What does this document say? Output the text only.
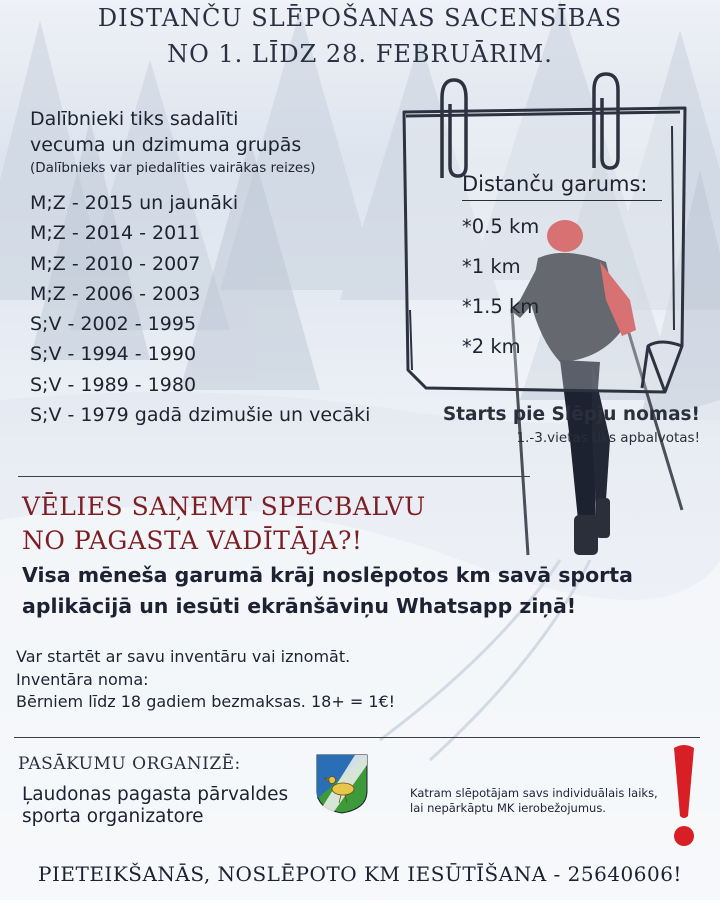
DISTANČU SLĒPOŠANAS SACENSĪBAS
NO 1. LĪDZ 28. FEBRUĀRIM.
Dalībnieki tiks sadalīti
vecuma un dzimuma grupās
(Dalībnieks var piedalīties vairākas reizes)
M;Z - 2015 un jaunāki
M;Z - 2014 - 2011
M;Z - 2010 - 2007
M;Z - 2006 - 2003
S;V - 2002 - 1995
S;V - 1994 - 1990
S;V - 1989 - 1980
S;V - 1979 gadā dzimušie un vecāki
Distanču garums:
*0.5 km
*1 km
*1.5 km
*2 km
Starts pie Slēpju nomas!
1.-3.vietas tiks apbalvotas!
VĒLIES SAŅEMT SPECBALVU
NO PAGASTA VADĪTĀJA?!
Visa mēneša garumā krāj noslēpotos km savā sporta
aplikācijā un iesūti ekrānšāviņu Whatsapp ziņā!
Var startēt ar savu inventāru vai iznomāt.
Inventāra noma:
Bērniem līdz 18 gadiem bezmaksas. 18+ = 1€!
PASĀKUMU ORGANIZĒ:
Ļaudonas pagasta pārvaldes
sporta organizatore
Katram slēpotājam savs individuālais laiks,
lai nepārkāptu MK ierobežojumus.
PIETEIKŠANĀS, NOSLĒPOTO KM IESŪTĪŠANA - 25640606!
